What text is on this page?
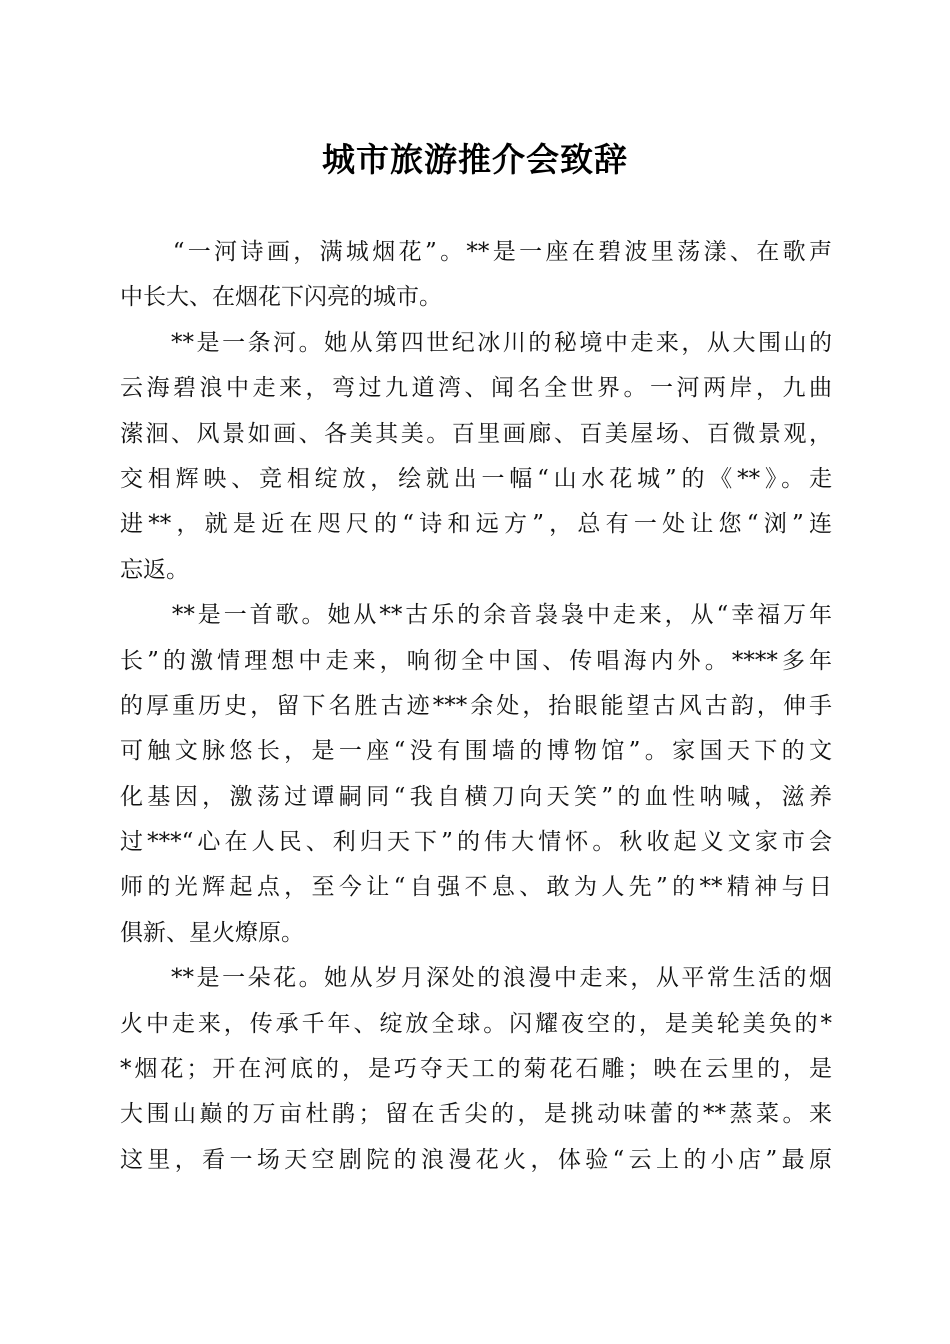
城市旅游推介会致辞
　　“一河诗画，满城烟花”。**是一座在碧波里荡漾、在歌声
中长大、在烟花下闪亮的城市。
　　**是一条河。她从第四世纪冰川的秘境中走来，从大围山的
云海碧浪中走来，弯过九道湾、闻名全世界。一河两岸，九曲
潆洄、风景如画、各美其美。百里画廊、百美屋场、百微景观，
交相辉映、竞相绽放，绘就出一幅“山水花城”的《**》。走
进**，就是近在咫尺的“诗和远方”，总有一处让您“浏”连
忘返。
　　**是一首歌。她从**古乐的余音袅袅中走来，从“幸福万年
长”的激情理想中走来，响彻全中国、传唱海内外。****多年
的厚重历史，留下名胜古迹***余处，抬眼能望古风古韵，伸手
可触文脉悠长，是一座“没有围墙的博物馆”。家国天下的文
化基因，激荡过谭嗣同“我自横刀向天笑”的血性呐喊，滋养
过***“心在人民、利归天下”的伟大情怀。秋收起义文家市会
师的光辉起点，至今让“自强不息、敢为人先”的**精神与日
俱新、星火燎原。
　　**是一朵花。她从岁月深处的浪漫中走来，从平常生活的烟
火中走来，传承千年、绽放全球。闪耀夜空的，是美轮美奂的*
*烟花；开在河底的，是巧夺天工的菊花石雕；映在云里的，是
大围山巅的万亩杜鹃；留在舌尖的，是挑动味蕾的**蒸菜。来
这里，看一场天空剧院的浪漫花火，体验“云上的小店”最原
